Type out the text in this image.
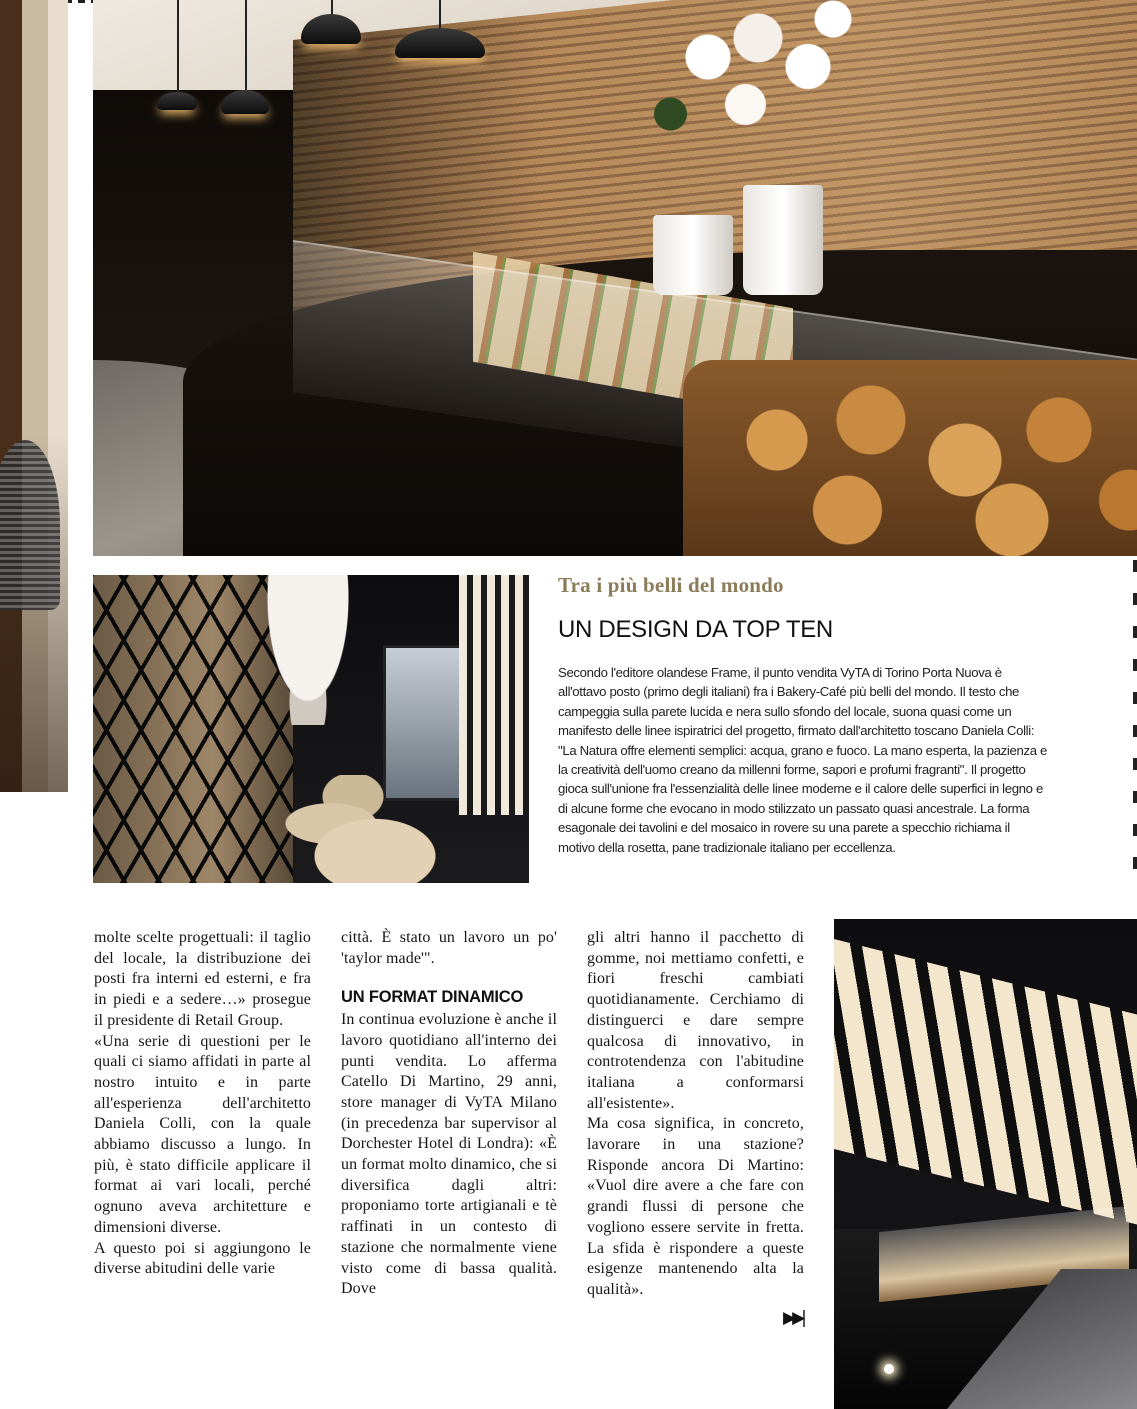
Tra i più belli del mondo
UN DESIGN DA TOP TEN

Secondo l'editore olandese Frame, il punto vendita VyTA di Torino Porta Nuova è all'ottavo posto (primo degli italiani) fra i Bakery-Café più belli del mondo. Il testo che campeggia sulla parete lucida e nera sullo sfondo del locale, suona quasi come un manifesto delle linee ispiratrici del progetto, firmato dall'architetto toscano Daniela Colli: "La Natura offre elementi semplici: acqua, grano e fuoco. La mano esperta, la pazienza e la creatività dell'uomo creano da millenni forme, sapori e profumi fragranti". Il progetto gioca sull'unione fra l'essenzialità delle linee moderne e il calore delle superfici in legno e di alcune forme che evocano in modo stilizzato un passato quasi ancestrale. La forma esagonale dei tavolini e del mosaico in rovere su una parete a specchio richiama il motivo della rosetta, pane tradizionale italiano per eccellenza.

molte scelte progettuali: il taglio del locale, la distribuzione dei posti fra interni ed esterni, e fra in piedi e a sedere…» prosegue il presidente di Retail Group.

«Una serie di questioni per le quali ci siamo affidati in parte al nostro intuito e in parte all'esperienza dell'architetto Daniela Colli, con la quale abbiamo discusso a lungo. In più, è stato difficile applicare il format ai vari locali, perché ognuno aveva architetture e dimensioni diverse.

A questo poi si aggiungono le diverse abitudini delle varie

città. È stato un lavoro un po' 'taylor made'".

UN FORMAT DINAMICO

In continua evoluzione è anche il lavoro quotidiano all'interno dei punti vendita. Lo afferma Catello Di Martino, 29 anni, store manager di VyTA Milano (in precedenza bar supervisor al Dorchester Hotel di Londra): «È un format molto dinamico, che si diversifica dagli altri: proponiamo torte artigianali e tè raffinati in un contesto di stazione che normalmente viene visto come di bassa qualità. Dove

gli altri hanno il pacchetto di gomme, noi mettiamo confetti, e fiori freschi cambiati quotidianamente. Cerchiamo di distinguerci e dare sempre qualcosa di innovativo, in controtendenza con l'abitudine italiana a conformarsi all'esistente».

Ma cosa significa, in concreto, lavorare in una stazione? Risponde ancora Di Martino: «Vuol dire avere a che fare con grandi flussi di persone che vogliono essere servite in fretta. La sfida è rispondere a queste esigenze mantenendo alta la qualità».

▶▶|
